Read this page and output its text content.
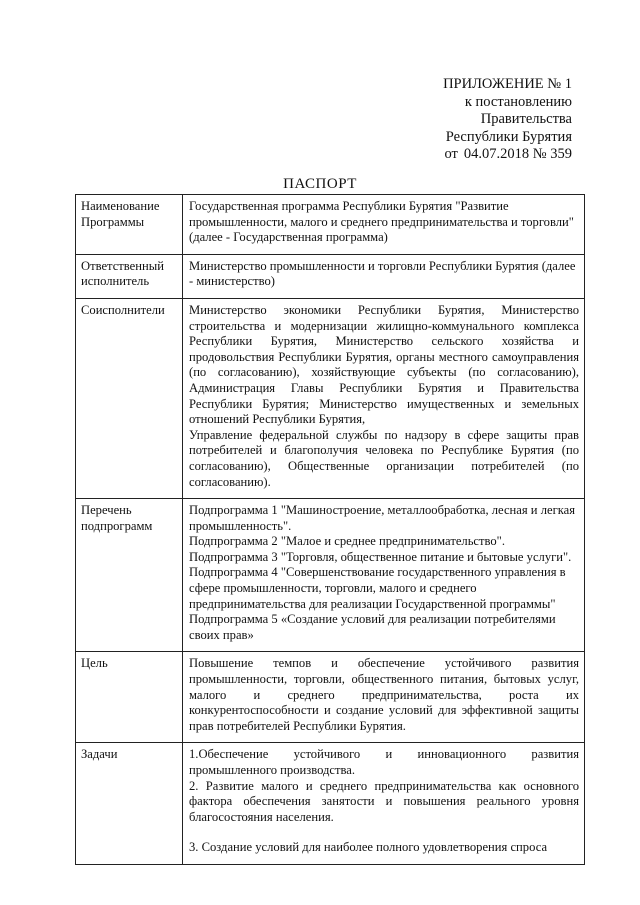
ПРИЛОЖЕНИЕ № 1
к постановлению
Правительства
Республики Бурятия
от 04.07.2018 № 359
ПАСПОРТ
Наименование Программы	Государственная программа Республики Бурятия "Развитие промышленности, малого и среднего предпринимательства и торговли" (далее - Государственная программа)

Ответственный исполнитель	Министерство промышленности и торговли Республики Бурятия (далее - министерство)

Соисполнители	Министерство экономики Республики Бурятия, Министерство строительства и модернизации жилищно-коммунального комплекса Республики Бурятия, Министерство сельского хозяйства и продовольствия Республики Бурятия, органы местного самоуправления (по согласованию), хозяйствующие субъекты (по согласованию), Администрация Главы Республики Бурятия и Правительства Республики Бурятия; Министерство имущественных и земельных отношений Республики Бурятия,

Управление федеральной службы по надзору в сфере защиты прав потребителей и благополучия человека по Республике Бурятия (по согласованию), Общественные организации потребителей (по согласованию).

Перечень подпрограмм	Подпрограмма 1 "Машиностроение, металлообработка, лесная и легкая промышленность".

Подпрограмма 2 "Малое и среднее предпринимательство".

Подпрограмма 3 "Торговля, общественное питание и бытовые услуги".

Подпрограмма 4 "Совершенствование государственного управления в сфере промышленности, торговли, малого и среднего предпринимательства для реализации Государственной программы"

Подпрограмма 5 «Создание условий для реализации потребителями своих прав»

Цель	Повышение темпов и обеспечение устойчивого развития промышленности, торговли, общественного питания, бытовых услуг, малого и среднего предпринимательства, роста их конкурентоспособности и создание условий для эффективной защиты прав потребителей Республики Бурятия.

Задачи	1.Обеспечение устойчивого и инновационного развития промышленного производства.

2. Развитие малого и среднего предпринимательства как основного фактора обеспечения занятости и повышения реального уровня благосостояния населения.

3. Создание условий для наиболее полного удовлетворения спроса
